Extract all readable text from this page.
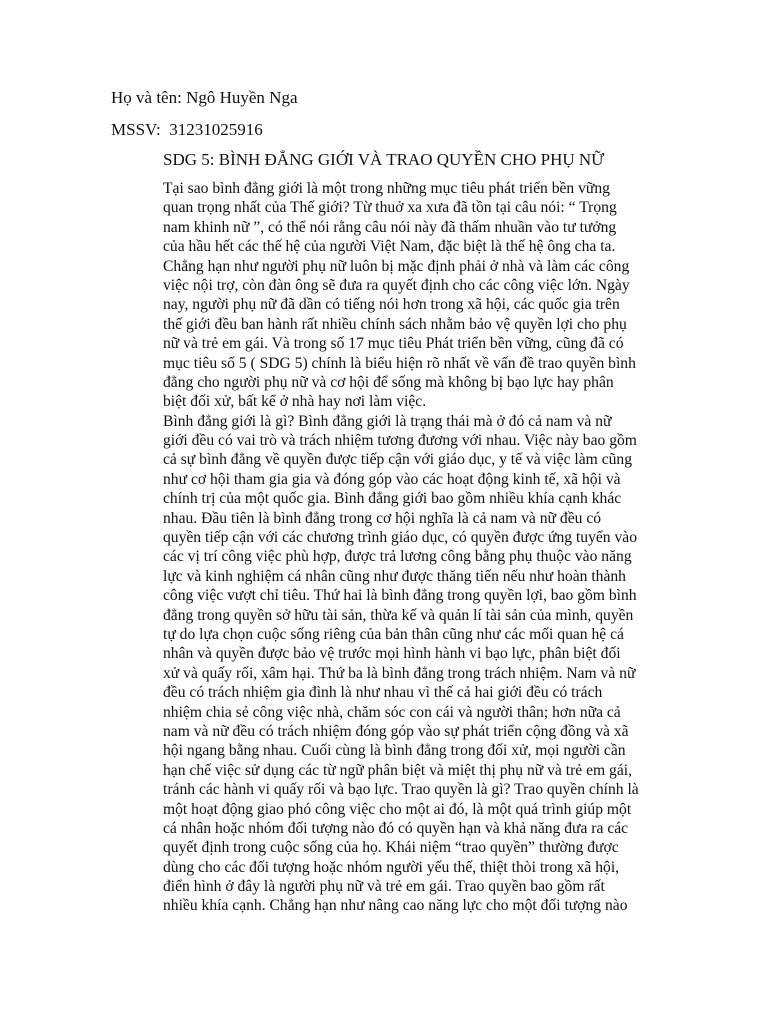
Họ và tên: Ngô Huyền Nga
MSSV:  31231025916
SDG 5: BÌNH ĐẲNG GIỚI VÀ TRAO QUYỀN CHO PHỤ NỮ
Tại sao bình đẳng giới là một trong những mục tiêu phát triển bền vững
quan trọng nhất của Thế giới? Từ thuở xa xưa đã tồn tại câu nói: “ Trọng
nam khinh nữ ”, có thể nói rằng câu nói này đã thấm nhuần vào tư tưởng
của hầu hết các thế hệ của người Việt Nam, đặc biệt là thế hệ ông cha ta.
Chẳng hạn như người phụ nữ luôn bị mặc định phải ở nhà và làm các công
việc nội trợ, còn đàn ông sẽ đưa ra quyết định cho các công việc lớn. Ngày
nay, người phụ nữ đã dần có tiếng nói hơn trong xã hội, các quốc gia trên
thế giới đều ban hành rất nhiều chính sách nhằm bảo vệ quyền lợi cho phụ
nữ và trẻ em gái. Và trong số 17 mục tiêu Phát triển bền vững, cũng đã có
mục tiêu số 5 ( SDG 5) chính là biểu hiện rõ nhất về vấn đề trao quyền bình
đẳng cho người phụ nữ và cơ hội để sống mà không bị bạo lực hay phân
biệt đối xử, bất kể ở nhà hay nơi làm việc.
Bình đẳng giới là gì? Bình đẳng giới là trạng thái mà ở đó cả nam và nữ
giới đều có vai trò và trách nhiệm tương đương với nhau. Việc này bao gồm
cả sự bình đẳng về quyền được tiếp cận với giáo dục, y tế và việc làm cũng
như cơ hội tham gia gia và đóng góp vào các hoạt động kinh tế, xã hội và
chính trị của một quốc gia. Bình đẳng giới bao gồm nhiều khía cạnh khác
nhau. Đầu tiên là bình đẳng trong cơ hội nghĩa là cả nam và nữ đều có
quyền tiếp cận với các chương trình giáo dục, có quyền được ứng tuyển vào
các vị trí công việc phù hợp, được trả lương công bằng phụ thuộc vào năng
lực và kinh nghiệm cá nhân cũng như được thăng tiến nếu như hoàn thành
công việc vượt chỉ tiêu. Thứ hai là bình đẳng trong quyền lợi, bao gồm bình
đẳng trong quyền sở hữu tài sản, thừa kế và quản lí tài sản của mình, quyền
tự do lựa chọn cuộc sống riêng của bản thân cũng như các mối quan hệ cá
nhân và quyền được bảo vệ trước mọi hình hành vi bạo lực, phân biệt đối
xử và quấy rối, xâm hại. Thứ ba là bình đẳng trong trách nhiệm. Nam và nữ
đều có trách nhiệm gia đình là như nhau vì thế cả hai giới đều có trách
nhiệm chia sẻ công việc nhà, chăm sóc con cái và người thân; hơn nữa cả
nam và nữ đều có trách nhiệm đóng góp vào sự phát triển cộng đồng và xã
hội ngang bằng nhau. Cuối cùng là bình đẳng trong đối xử, mọi người cần
hạn chế việc sử dụng các từ ngữ phân biệt và miệt thị phụ nữ và trẻ em gái,
tránh các hành vi quấy rối và bạo lực. Trao quyền là gì? Trao quyền chính là
một hoạt động giao phó công việc cho một ai đó, là một quá trình giúp một
cá nhân hoặc nhóm đối tượng nào đó có quyền hạn và khả năng đưa ra các
quyết định trong cuộc sống của họ. Khái niệm “trao quyền” thường được
dùng cho các đối tượng hoặc nhóm người yếu thế, thiệt thòi trong xã hội,
điển hình ở đây là người phụ nữ và trẻ em gái. Trao quyền bao gồm rất
nhiều khía cạnh. Chẳng hạn như nâng cao năng lực cho một đối tượng nào
